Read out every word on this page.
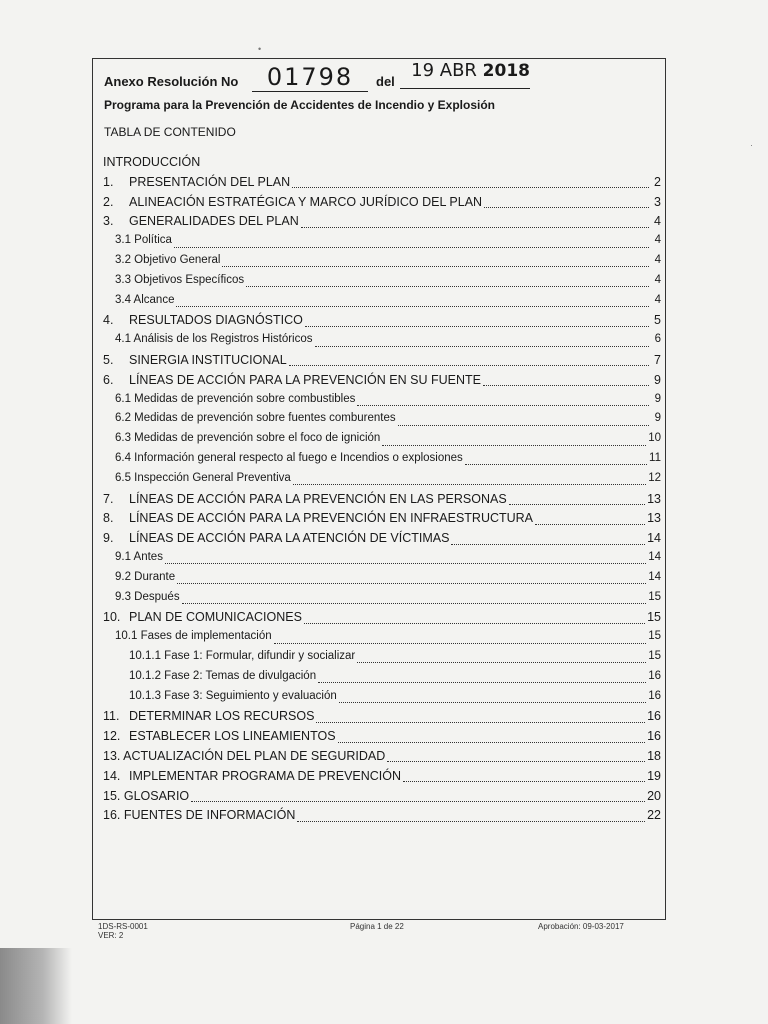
•
·
Anexo Resolución No	01798	del
19 ABR 2018
Programa para la Prevención de Accidentes de Incendio y Explosión
TABLA DE CONTENIDO
INTRODUCCIÓN
1.	PRESENTACIÓN DEL PLAN	2
2.	ALINEACIÓN ESTRATÉGICA Y MARCO JURÍDICO DEL PLAN	3
3.	GENERALIDADES DEL PLAN	4
3.1 Política	4
3.2 Objetivo General	4
3.3 Objetivos Específicos	4
3.4 Alcance	4
4.	RESULTADOS DIAGNÓSTICO	5
4.1 Análisis de los Registros Históricos	6
5.	SINERGIA INSTITUCIONAL	7
6.	LÍNEAS DE ACCIÓN PARA LA PREVENCIÓN EN SU FUENTE	9
6.1 Medidas de prevención sobre combustibles	9
6.2 Medidas de prevención sobre fuentes comburentes	9
6.3 Medidas de prevención sobre el foco de ignición	10
6.4 Información general respecto al fuego e Incendios o explosiones	11
6.5 Inspección General Preventiva	12
7.	LÍNEAS DE ACCIÓN PARA LA PREVENCIÓN EN LAS PERSONAS	13
8.	LÍNEAS DE ACCIÓN PARA LA PREVENCIÓN EN INFRAESTRUCTURA	13
9.	LÍNEAS DE ACCIÓN PARA LA ATENCIÓN DE VÍCTIMAS	14
9.1 Antes	14
9.2 Durante	14
9.3 Después	15
10. PLAN DE COMUNICACIONES	15
10.1 Fases de implementación	15
10.1.1 Fase 1: Formular, difundir y socializar	15
10.1.2 Fase 2: Temas de divulgación	16
10.1.3 Fase 3: Seguimiento y evaluación	16
11. DETERMINAR LOS RECURSOS	16
12. ESTABLECER LOS LINEAMIENTOS	16
13. ACTUALIZACIÓN DEL PLAN DE SEGURIDAD	18
14. IMPLEMENTAR PROGRAMA DE PREVENCIÓN	19
15. GLOSARIO	20
16. FUENTES DE INFORMACIÓN	22
1DS-RS-0001
VER: 2
Página 1 de 22	Aprobación: 09-03-2017
